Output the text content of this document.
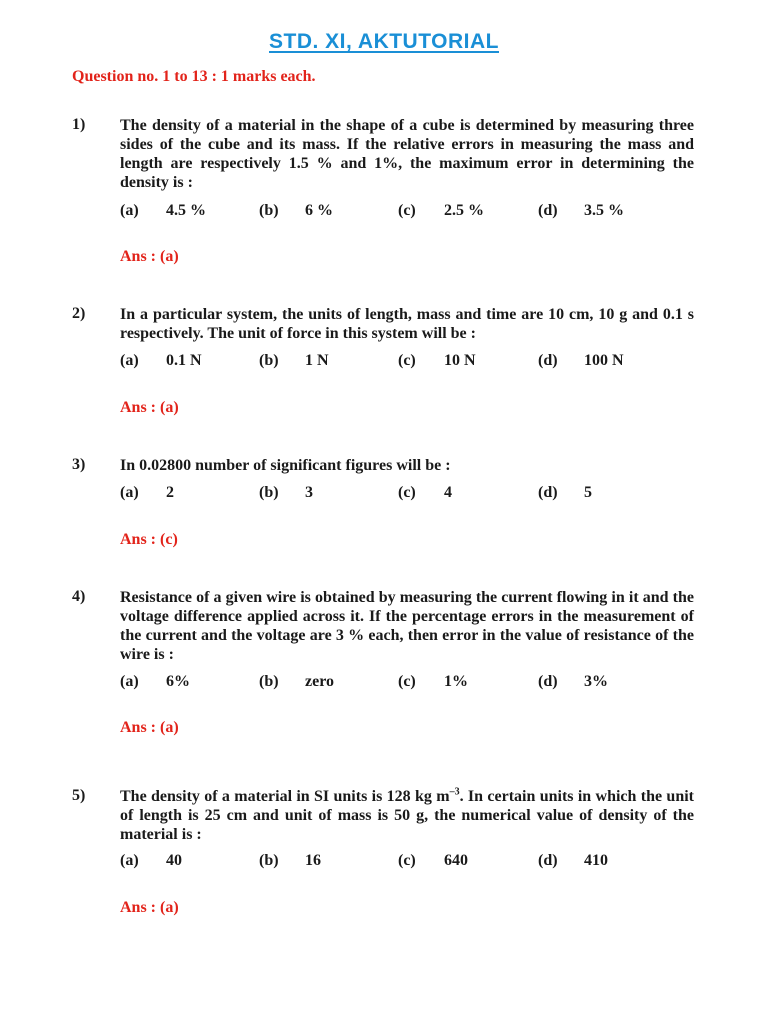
STD. XI, AKTUTORIAL
Question no. 1 to 13 : 1 marks each.
1) The density of a material in the shape of a cube is determined by measuring three sides of the cube and its mass. If the relative errors in measuring the mass and length are respectively 1.5 % and 1%, the maximum error in determining the density is :
(a) 4.5 %	(b) 6 %	(c) 2.5 %	(d) 3.5 %
Ans : (a)
2) In a particular system, the units of length, mass and time are 10 cm, 10 g and 0.1 s respectively. The unit of force in this system will be :
(a) 0.1 N	(b) 1 N	(c) 10 N	(d) 100 N
Ans : (a)
3) In 0.02800 number of significant figures will be :
(a) 2	(b) 3	(c) 4	(d) 5
Ans : (c)
4) Resistance of a given wire is obtained by measuring the current flowing in it and the voltage difference applied across it. If the percentage errors in the measurement of the current and the voltage are 3 % each, then error in the value of resistance of the wire is :
(a) 6%	(b) zero	(c) 1%	(d) 3%
Ans : (a)
5) The density of a material in SI units is 128 kg $m^{-3}$. In certain units in which the unit of length is 25 cm and unit of mass is 50 g, the numerical value of density of the material is :
(a) 40	(b) 16	(c) 640	(d) 410
Ans : (a)
